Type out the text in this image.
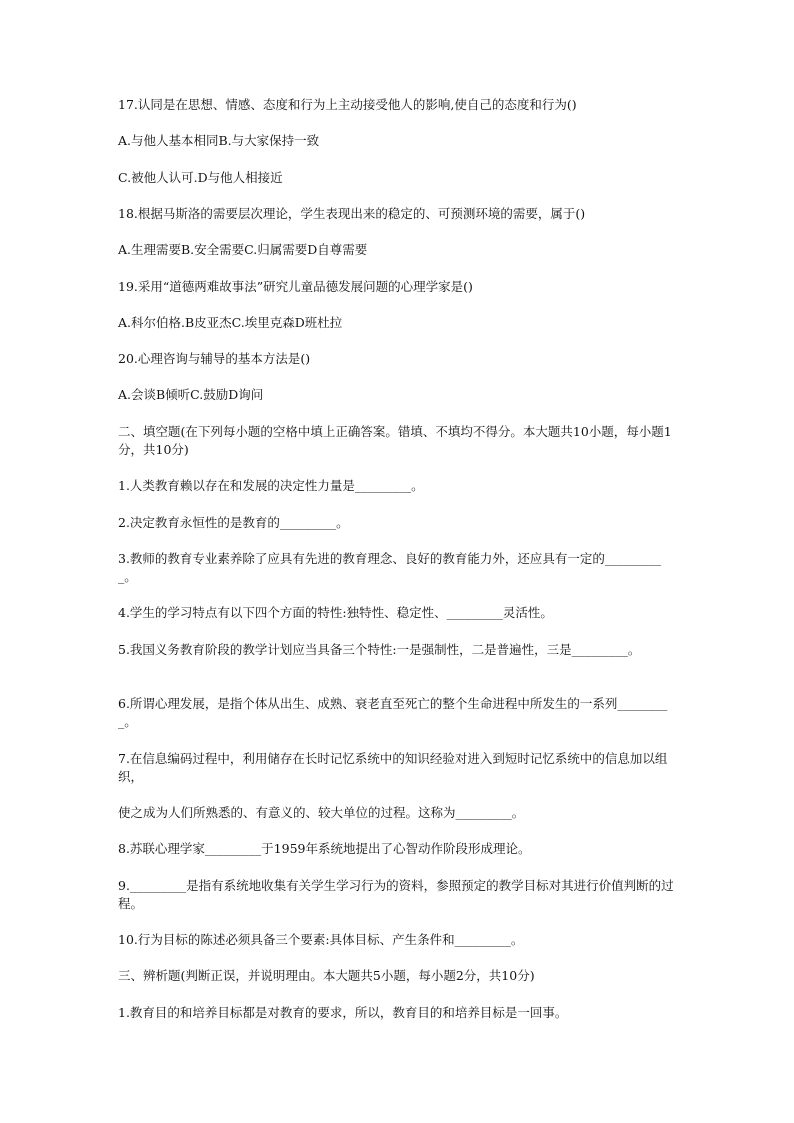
17.认同是在思想、情感、态度和行为上主动接受他人的影响,使自己的态度和行为()
A.与他人基本相同B.与大家保持一致
C.被他人认可.D与他人相接近
18.根据马斯洛的需要层次理论，学生表现出来的稳定的、可预测环境的需要，属于()
A.生理需要B.安全需要C.归属需要D自尊需要
19.采用“道德两难故事法”研究儿童品德发展问题的心理学家是()
A.科尔伯格.B皮亚杰C.埃里克森D班杜拉
20.心理咨询与辅导的基本方法是()
A.会谈B倾听C.鼓励D询问
二、填空题(在下列每小题的空格中填上正确答案。错填、不填均不得分。本大题共10小题，每小题1分，共10分)
1.人类教育赖以存在和发展的决定性力量是_________。
2.决定教育永恒性的是教育的_________。
3.教师的教育专业素养除了应具有先进的教育理念、良好的教育能力外，还应具有一定的__________。
4.学生的学习特点有以下四个方面的特性:独特性、稳定性、_________灵活性。
5.我国义务教育阶段的教学计划应当具备三个特性:一是强制性，二是普遍性，三是_________。
6.所谓心理发展，是指个体从出生、成熟、衰老直至死亡的整个生命进程中所发生的一系列_________。
7.在信息编码过程中，利用储存在长时记忆系统中的知识经验对进入到短时记忆系统中的信息加以组织，
使之成为人们所熟悉的、有意义的、较大单位的过程。这称为_________。
8.苏联心理学家_________于1959年系统地提出了心智动作阶段形成理论。
9._________是指有系统地收集有关学生学习行为的资料，参照预定的教学目标对其进行价值判断的过程。
10.行为目标的陈述必须具备三个要素:具体目标、产生条件和_________。
三、辨析题(判断正误，并说明理由。本大题共5小题，每小题2分，共10分)
1.教育目的和培养目标都是对教育的要求，所以，教育目的和培养目标是一回事。
